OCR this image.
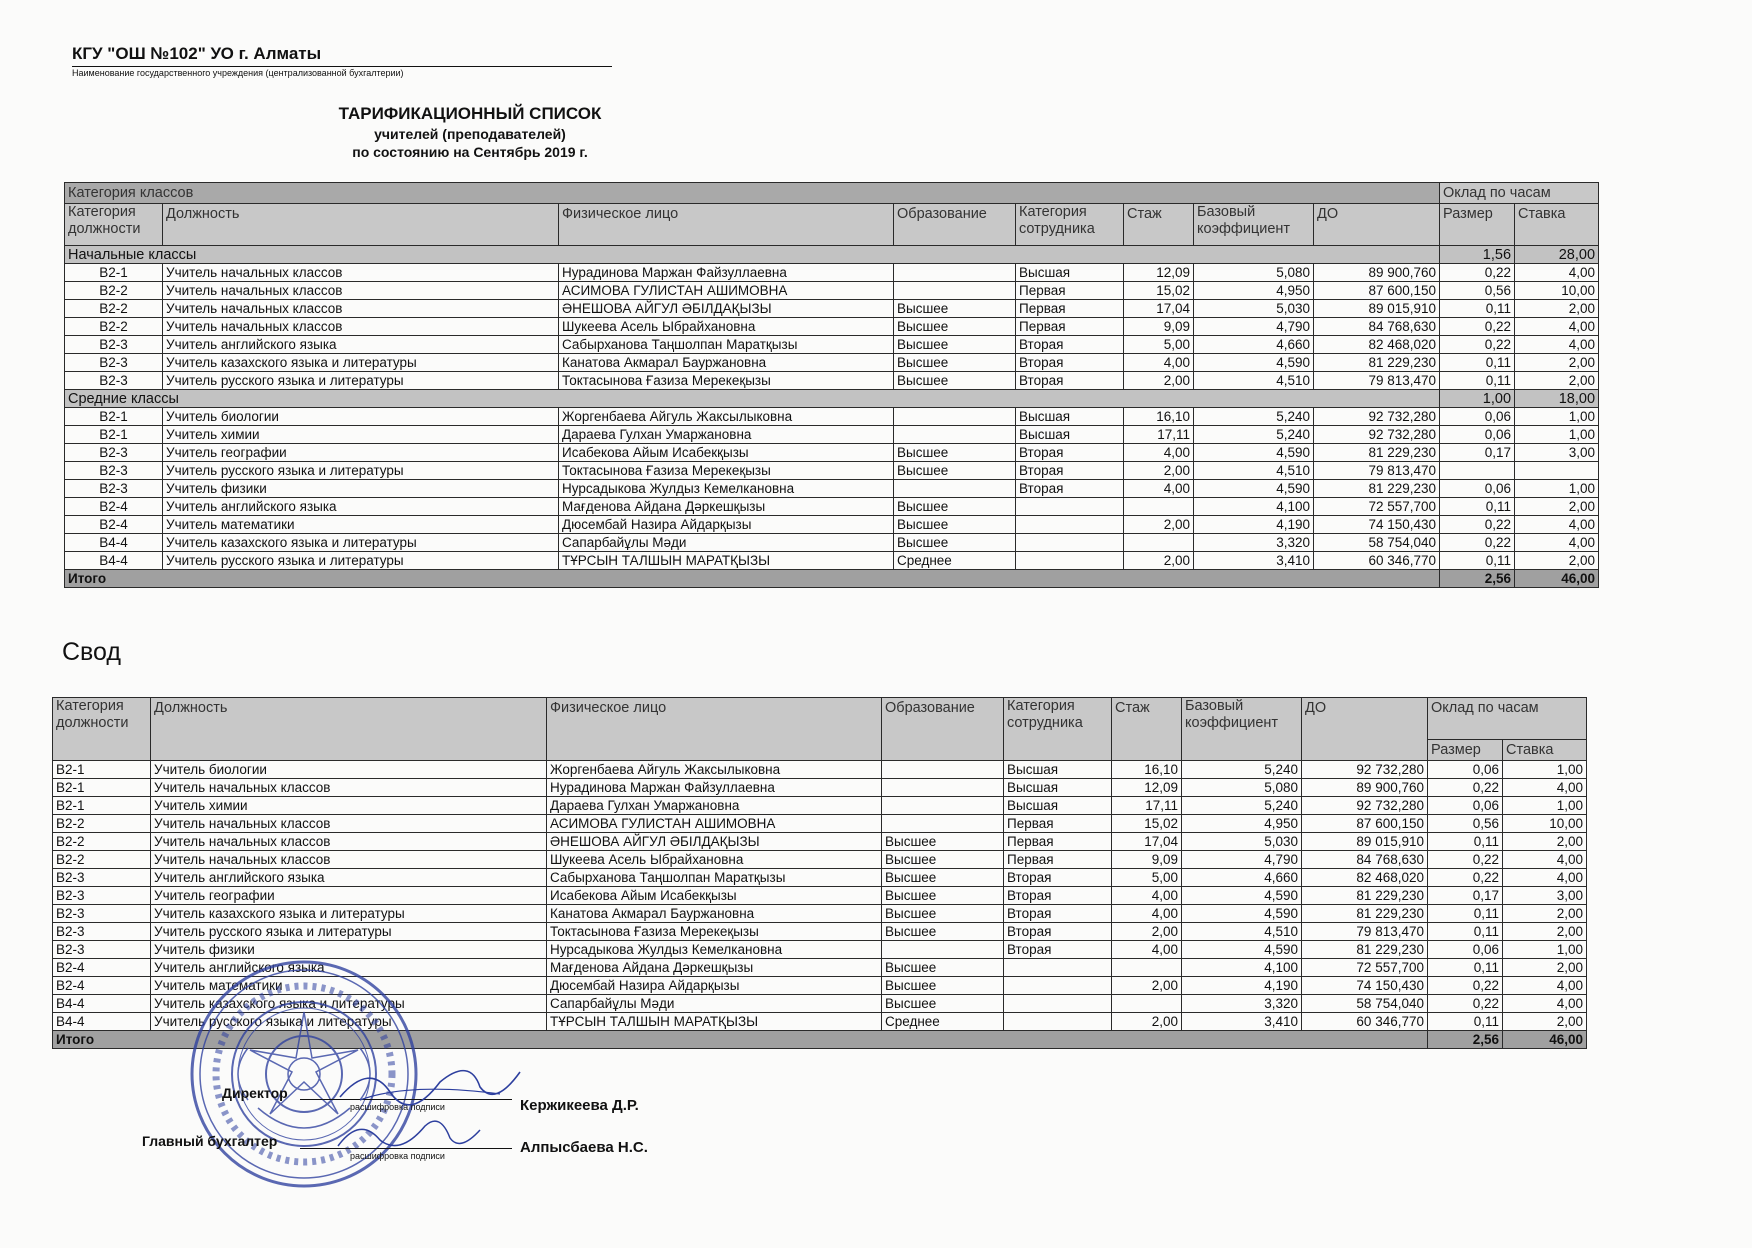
КГУ "ОШ №102" УО г. Алматы
Наименование государственного учреждения (централизованной бухгалтерии)
ТАРИФИКАЦИОННЫЙ СПИСОК
учителей (преподавателей)
по состоянию на Сентябрь 2019 г.
Категория классов								Оклад по часам	
Категория должности	Должность	Физическое лицо	Образование	Категория сотрудника	Стаж	Базовый коэффициент	ДО	Размер	Ставка
Начальные классы								1,56	28,00
B2-1	Учитель начальных классов	Нурадинова Маржан Файзуллаевна		Высшая	12,09	5,080	89 900,760	0,22	4,00
B2-2	Учитель начальных классов	АСИМОВА ГУЛИСТАН АШИМОВНА		Первая	15,02	4,950	87 600,150	0,56	10,00
B2-2	Учитель начальных классов	ӘНЕШОВА АЙГУЛ ӘБІЛДАҚЫЗЫ	Высшее	Первая	17,04	5,030	89 015,910	0,11	2,00
B2-2	Учитель начальных классов	Шукеева Асель Ыбрайхановна	Высшее	Первая	9,09	4,790	84 768,630	0,22	4,00
B2-3	Учитель английского языка	Сабырханова Таңшолпан Маратқызы	Высшее	Вторая	5,00	4,660	82 468,020	0,22	4,00
B2-3	Учитель казахского языка и литературы	Канатова Акмарал Бауржановна	Высшее	Вторая	4,00	4,590	81 229,230	0,11	2,00
B2-3	Учитель русского языка и литературы	Токтасынова Ғазиза Мерекеқызы	Высшее	Вторая	2,00	4,510	79 813,470	0,11	2,00
Средние классы								1,00	18,00
B2-1	Учитель биологии	Жоргенбаева Айгуль Жаксылыковна		Высшая	16,10	5,240	92 732,280	0,06	1,00
B2-1	Учитель химии	Дараева Гулхан Умаржановна		Высшая	17,11	5,240	92 732,280	0,06	1,00
B2-3	Учитель географии	Исабекова Айым Исабекқызы	Высшее	Вторая	4,00	4,590	81 229,230	0,17	3,00
B2-3	Учитель русского языка и литературы	Токтасынова Ғазиза Мерекеқызы	Высшее	Вторая	2,00	4,510	79 813,470		
B2-3	Учитель физики	Нурсадыкова Жулдыз Кемелкановна		Вторая	4,00	4,590	81 229,230	0,06	1,00
B2-4	Учитель английского языка	Мағденова Айдана Дәркешқызы	Высшее			4,100	72 557,700	0,11	2,00
B2-4	Учитель математики	Дюсембай Назира Айдарқызы	Высшее		2,00	4,190	74 150,430	0,22	4,00
B4-4	Учитель казахского языка и литературы	Сапарбайұлы Мәди	Высшее			3,320	58 754,040	0,22	4,00
B4-4	Учитель русского языка и литературы	ТҰРСЫН ТАЛШЫН МАРАТҚЫЗЫ	Среднее		2,00	3,410	60 346,770	0,11	2,00
Итого								2,56	46,00
Свод
Категория должности	Должность	Физическое лицо	Образование	Категория сотрудника	Стаж	Базовый коэффициент	ДО	Оклад по часам	
								Размер	Ставка
B2-1	Учитель биологии	Жоргенбаева Айгуль Жаксылыковна		Высшая	16,10	5,240	92 732,280	0,06	1,00
B2-1	Учитель начальных классов	Нурадинова Маржан Файзуллаевна		Высшая	12,09	5,080	89 900,760	0,22	4,00
B2-1	Учитель химии	Дараева Гулхан Умаржановна		Высшая	17,11	5,240	92 732,280	0,06	1,00
B2-2	Учитель начальных классов	АСИМОВА ГУЛИСТАН АШИМОВНА		Первая	15,02	4,950	87 600,150	0,56	10,00
B2-2	Учитель начальных классов	ӘНЕШОВА АЙГУЛ ӘБІЛДАҚЫЗЫ	Высшее	Первая	17,04	5,030	89 015,910	0,11	2,00
B2-2	Учитель начальных классов	Шукеева Асель Ыбрайхановна	Высшее	Первая	9,09	4,790	84 768,630	0,22	4,00
B2-3	Учитель английского языка	Сабырханова Таңшолпан Маратқызы	Высшее	Вторая	5,00	4,660	82 468,020	0,22	4,00
B2-3	Учитель географии	Исабекова Айым Исабекқызы	Высшее	Вторая	4,00	4,590	81 229,230	0,17	3,00
B2-3	Учитель казахского языка и литературы	Канатова Акмарал Бауржановна	Высшее	Вторая	4,00	4,590	81 229,230	0,11	2,00
B2-3	Учитель русского языка и литературы	Токтасынова Ғазиза Мерекеқызы	Высшее	Вторая	2,00	4,510	79 813,470	0,11	2,00
B2-3	Учитель физики	Нурсадыкова Жулдыз Кемелкановна		Вторая	4,00	4,590	81 229,230	0,06	1,00
B2-4	Учитель английского языка	Мағденова Айдана Дәркешқызы	Высшее			4,100	72 557,700	0,11	2,00
B2-4	Учитель математики	Дюсембай Назира Айдарқызы	Высшее		2,00	4,190	74 150,430	0,22	4,00
B4-4	Учитель казахского языка и литературы	Сапарбайұлы Мәди	Высшее			3,320	58 754,040	0,22	4,00
B4-4	Учитель русского языка и литературы	ТҰРСЫН ТАЛШЫН МАРАТҚЫЗЫ	Среднее		2,00	3,410	60 346,770	0,11	2,00
Итого								2,56	46,00
Директор
расшифровка подписи	Кержикеева Д.Р.
Главный бухгалтер
расшифровка подписи	Алпысбаева Н.С.
